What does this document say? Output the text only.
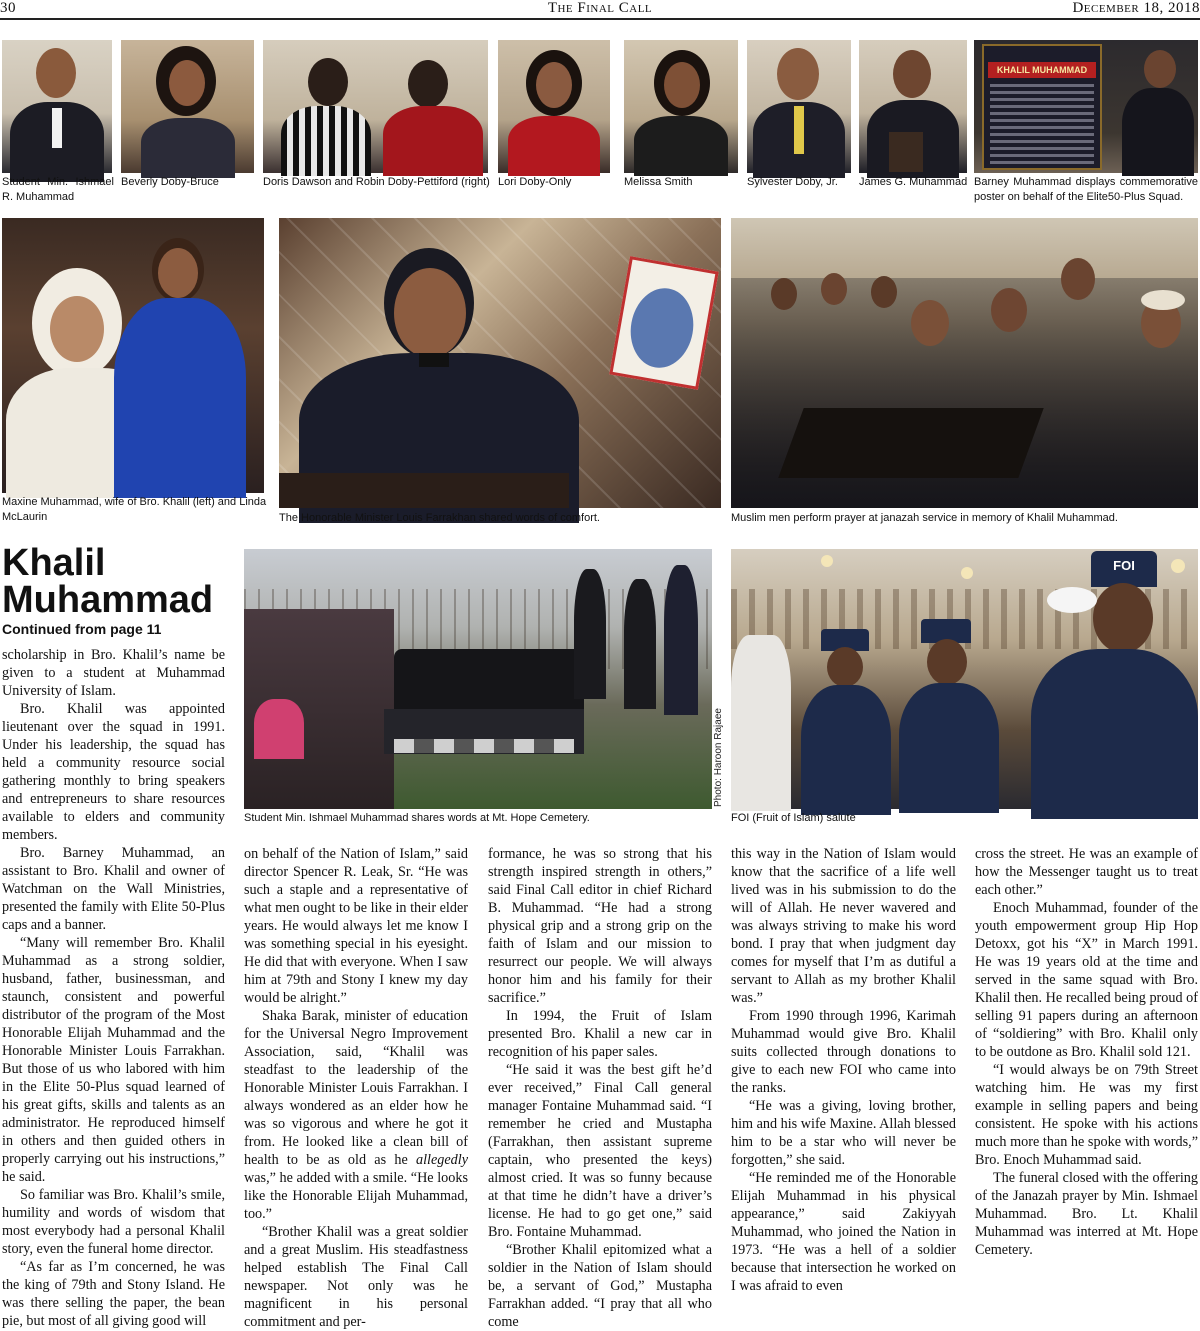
30	The Final Call	December 18, 2018
Student Min. Ishmael R. Muhammad
Beverly Doby-Bruce	Doris Dawson and Robin Doby-Pettiford (right) Lori Doby-Only	Melissa Smith	Sylvester Doby, Jr.	James G. Muhammad
KHALIL MUHAMMAD
Barney Muhammad displays commemorative poster on behalf of the Elite50-Plus Squad.
Maxine Muhammad, wife of Bro. Khalil (left) and Linda McLaurin	The Honorable Minister Louis Farrakhan shared words of comfort.	Muslim men perform prayer at janazah service in memory of Khalil Muhammad.
Khalil Muhammad
Continued from page 11
Student Min. Ishmael Muhammad shares words at Mt. Hope Cemetery.
Photo: Haroon Rajaee
FOI
FOI (Fruit of Islam) salute

scholarship in Bro. Khalil’s name be given to a student at Muhammad University of Islam.

Bro. Khalil was appointed lieutenant over the squad in 1991. Under his leadership, the squad has held a community resource social gathering monthly to bring speakers and entrepreneurs to share resources available to elders and community members.

Bro. Barney Muhammad, an assistant to Bro. Khalil and owner of Watchman on the Wall Ministries, presented the family with Elite 50-Plus caps and a banner.

“Many will remember Bro. Khalil Muhammad as a strong soldier, husband, father, businessman, and staunch, consistent and powerful distributor of the program of the Most Honorable Elijah Muhammad and the Honorable Minister Louis Farrakhan. But those of us who labored with him in the Elite 50-Plus squad learned of his great gifts, skills and talents as an administrator. He reproduced himself in others and then guided others in properly carrying out his instructions,” he said.

So familiar was Bro. Khalil’s smile, humility and words of wisdom that most everybody had a personal Khalil story, even the funeral home director.

“As far as I’m concerned, he was the king of 79th and Stony Island. He was there selling the paper, the bean pie, but most of all giving good will

on behalf of the Nation of Islam,” said director Spencer R. Leak, Sr. “He was such a staple and a representative of what men ought to be like in their elder years. He would always let me know I was something special in his eyesight. He did that with everyone. When I saw him at 79th and Stony I knew my day would be alright.”

Shaka Barak, minister of education for the Universal Negro Improvement Association, said, “Khalil was steadfast to the leadership of the Honorable Minister Louis Farrakhan. I always wondered as an elder how he was so vigorous and where he got it from. He looked like a clean bill of health to be as old as he allegedly was,” he added with a smile. “He looks like the Honorable Elijah Muhammad, too.”

“Brother Khalil was a great soldier and a great Muslim. His steadfastness helped establish The Final Call newspaper. Not only was he magnificent in his personal commitment and per-

formance, he was so strong that his strength inspired strength in others,” said Final Call editor in chief Richard B. Muhammad. “He had a strong physical grip and a strong grip on the faith of Islam and our mission to resurrect our people. We will always honor him and his family for their sacrifice.”

In 1994, the Fruit of Islam presented Bro. Khalil a new car in recognition of his paper sales.

“He said it was the best gift he’d ever received,” Final Call general manager Fontaine Muhammad said. “I remember he cried and Mustapha (Farrakhan, then assistant supreme captain, who presented the keys) almost cried. It was so funny because at that time he didn’t have a driver’s license. He had to go get one,” said Bro. Fontaine Muhammad.

“Brother Khalil epitomized what a soldier in the Nation of Islam should be, a servant of God,” Mustapha Farrakhan added. “I pray that all who come

this way in the Nation of Islam would know that the sacrifice of a life well lived was in his submission to do the will of Allah. He never wavered and was always striving to make his word bond. I pray that when judgment day comes for myself that I’m as dutiful a servant to Allah as my brother Khalil was.”

From 1990 through 1996, Karimah Muhammad would give Bro. Khalil suits collected through donations to give to each new FOI who came into the ranks.

“He was a giving, loving brother, him and his wife Maxine. Allah blessed him to be a star who will never be forgotten,” she said.

“He reminded me of the Honorable Elijah Muhammad in his physical appearance,” said Zakiyyah Muhammad, who joined the Nation in 1973. “He was a hell of a soldier because that intersection he worked on I was afraid to even

cross the street. He was an example of how the Messenger taught us to treat each other.”

Enoch Muhammad, founder of the youth empowerment group Hip Hop Detoxx, got his “X” in March 1991. He was 19 years old at the time and served in the same squad with Bro. Khalil then. He recalled being proud of selling 91 papers during an afternoon of “soldiering” with Bro. Khalil only to be outdone as Bro. Khalil sold 121.

“I would always be on 79th Street watching him. He was my first example in selling papers and being consistent. He spoke with his actions much more than he spoke with words,” Bro. Enoch Muhammad said.

The funeral closed with the offering of the Janazah prayer by Min. Ishmael Muhammad. Bro. Lt. Khalil Muhammad was interred at Mt. Hope Cemetery.
